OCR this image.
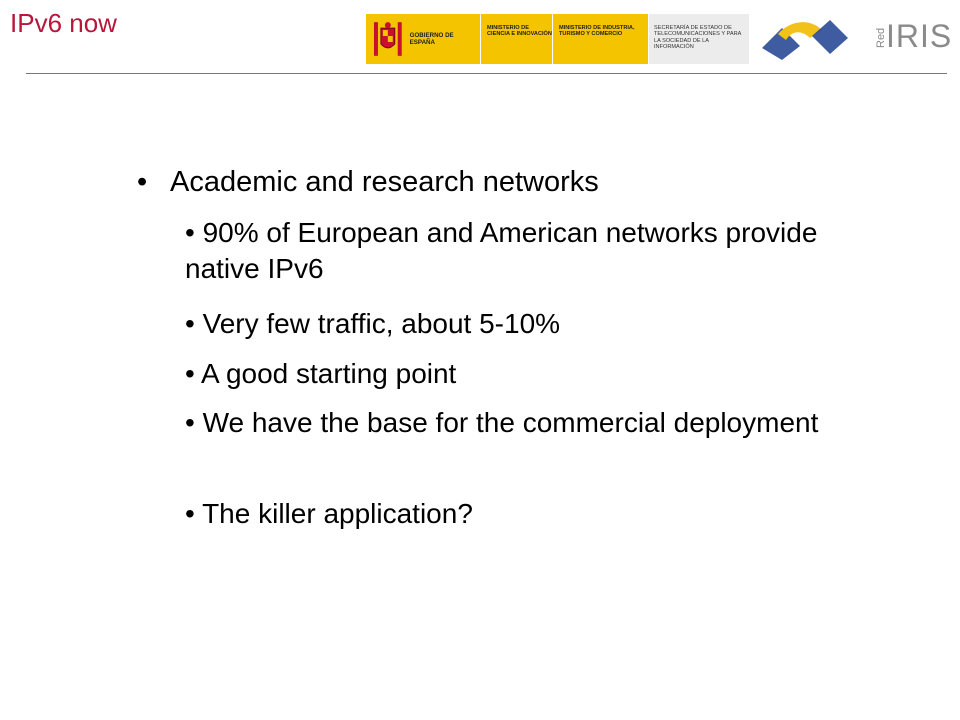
IPv6 now	GOBIERNO DE ESPAÑA
MINISTERIO DE CIENCIA E INNOVACIÓN
MINISTERIO DE INDUSTRIA, TURISMO Y COMERCIO
SECRETARÍA DE ESTADO DE TELECOMUNICACIONES Y PARA LA SOCIEDAD DE LA INFORMACIÓN	Red IRIS
• Academic and research networks
• 90% of European and American networks provide native IPv6
• Very few traffic, about 5-10%
• A good starting point
• We have the base for the commercial deployment
• The killer application?
